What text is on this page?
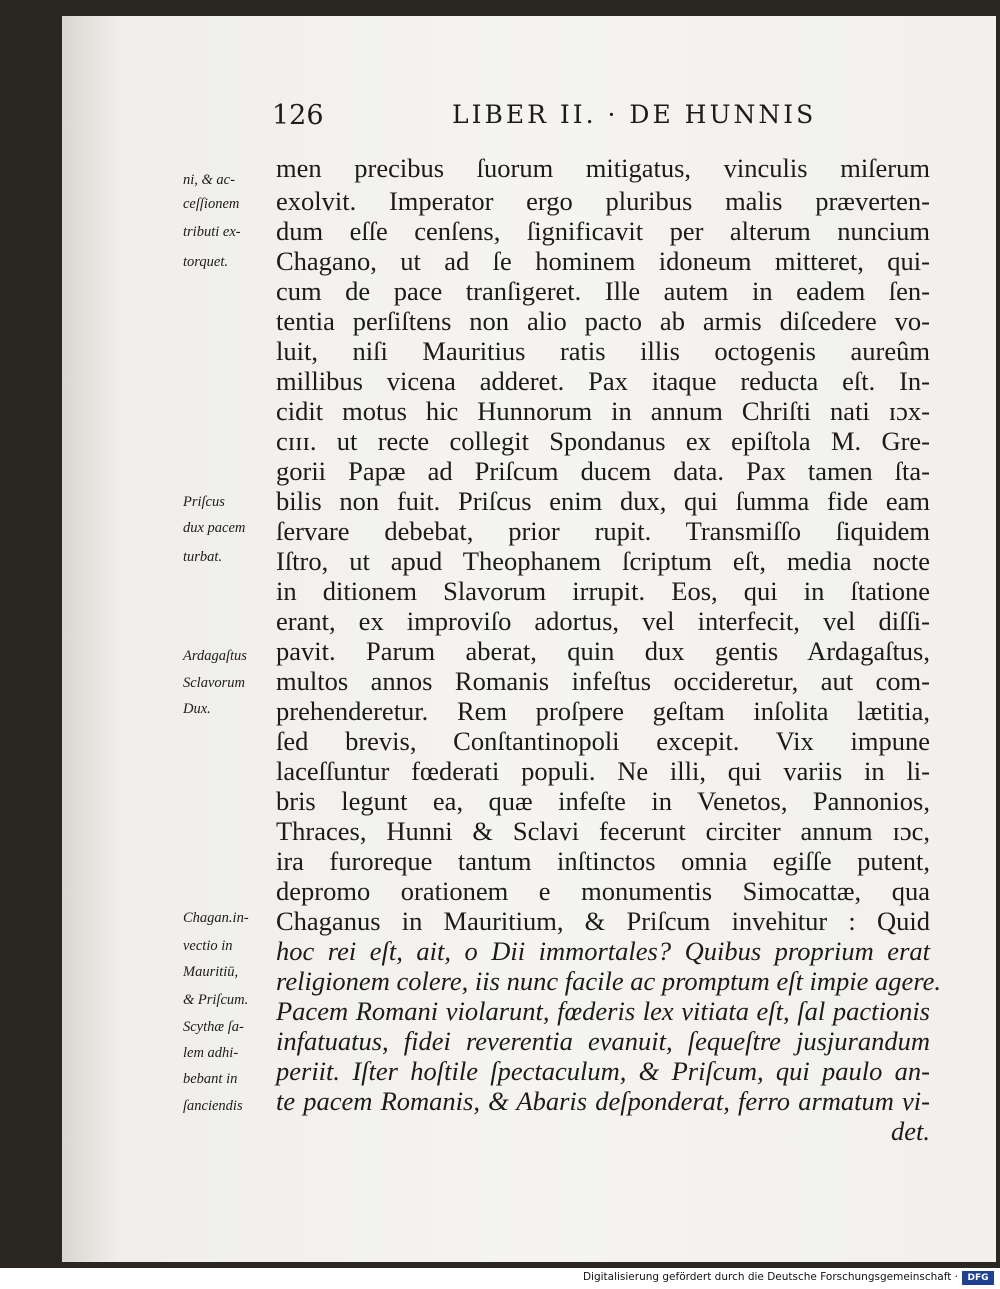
126	LIBER II. · DE HUNNIS
ni, & ac-
ceſſionem
tributi ex-
torquet.
Priſcus
dux pacem
turbat.
Ardagaſtus
Sclavorum
Dux.
Chagan.in-
vectio in
Mauritiū,
& Priſcum.
Scythæ ſa-
lem adhi-
bebant in
ſanciendis
men precibus ſuorum mitigatus, vinculis miſerum
exolvit. Imperator ergo pluribus malis præverten-
dum eſſe cenſens, ſignificavit per alterum nuncium
Chagano, ut ad ſe hominem idoneum mitteret, qui-
cum de pace tranſigeret. Ille autem in eadem ſen-
tentia perſiſtens non alio pacto ab armis diſcedere vo-
luit, niſi Mauritius ratis illis octogenis aureûm
millibus vicena adderet. Pax itaque reducta eſt. In-
cidit motus hic Hunnorum in annum Chriſti nati ɪɔx-
cɪɪɪ. ut recte collegit Spondanus ex epiſtola M. Gre-
gorii Papæ ad Priſcum ducem data. Pax tamen ſta-
bilis non fuit. Priſcus enim dux, qui ſumma fide eam
ſervare debebat, prior rupit. Transmiſſo ſiquidem
Iſtro, ut apud Theophanem ſcriptum eſt, media nocte
in ditionem Slavorum irrupit. Eos, qui in ſtatione
erant, ex improviſo adortus, vel interfecit, vel diſſi-
pavit. Parum aberat, quin dux gentis Ardagaſtus,
multos annos Romanis infeſtus occideretur, aut com-
prehenderetur. Rem proſpere geſtam inſolita lætitia,
ſed brevis, Conſtantinopoli excepit. Vix impune
laceſſuntur fœderati populi. Ne illi, qui variis in li-
bris legunt ea, quæ infeſte in Venetos, Pannonios,
Thraces, Hunni & Sclavi fecerunt circiter annum ɪɔc,
ira furoreque tantum inſtinctos omnia egiſſe putent,
depromo orationem e monumentis Simocattæ, qua
Chaganus in Mauritium, & Priſcum invehitur : Quid
hoc rei eſt, ait, o Dii immortales? Quibus proprium erat
religionem colere, iis nunc facile ac promptum eſt impie agere.
Pacem Romani violarunt, fœderis lex vitiata eſt, ſal pactionis
infatuatus, fidei reverentia evanuit, ſequeſtre jusjurandum
periit. Iſter hoſtile ſpectaculum, & Priſcum, qui paulo an-
te pacem Romanis, & Abaris deſponderat, ferro armatum vi-
det.
Digitalisierung gefördert durch die Deutsche Forschungsgemeinschaft ·	DFG
